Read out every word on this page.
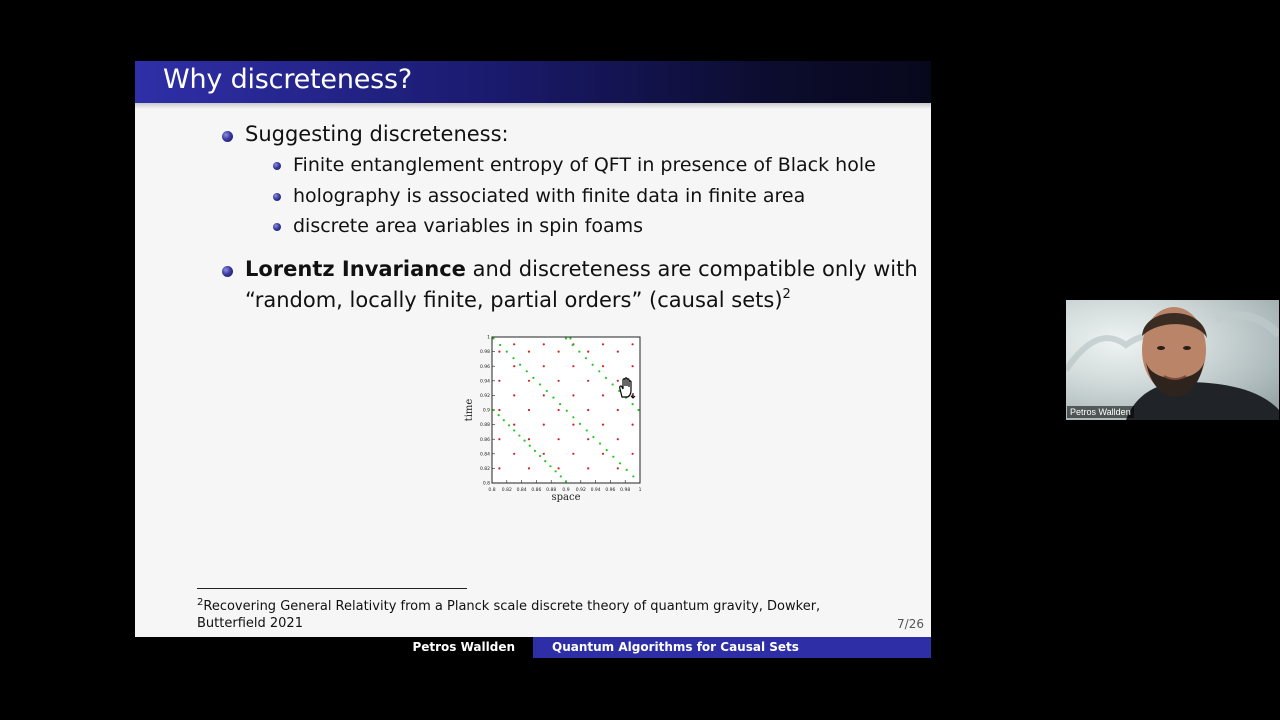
Why discreteness?
Suggesting discreteness:
Finite entanglement entropy of QFT in presence of Black hole
holography is associated with finite data in finite area
discrete area variables in spin foams
Lorentz Invariance and discreteness are compatible only with
“random, locally finite, partial orders” (causal sets)$^2$
0.8 0.82 0.84 0.86 0.88 0.9 0.92 0.94 0.96 0.98 1
0.8
0.82
0.84
0.86
0.88
0.9
0.92
0.94
0.96
0.98
1
space
time
$^2$Recovering General Relativity from a Planck scale discrete theory of quantum gravity, Dowker, Butterfield 2021	7/26
Petros Wallden	Quantum Algorithms for Causal Sets
Petros Wallden
